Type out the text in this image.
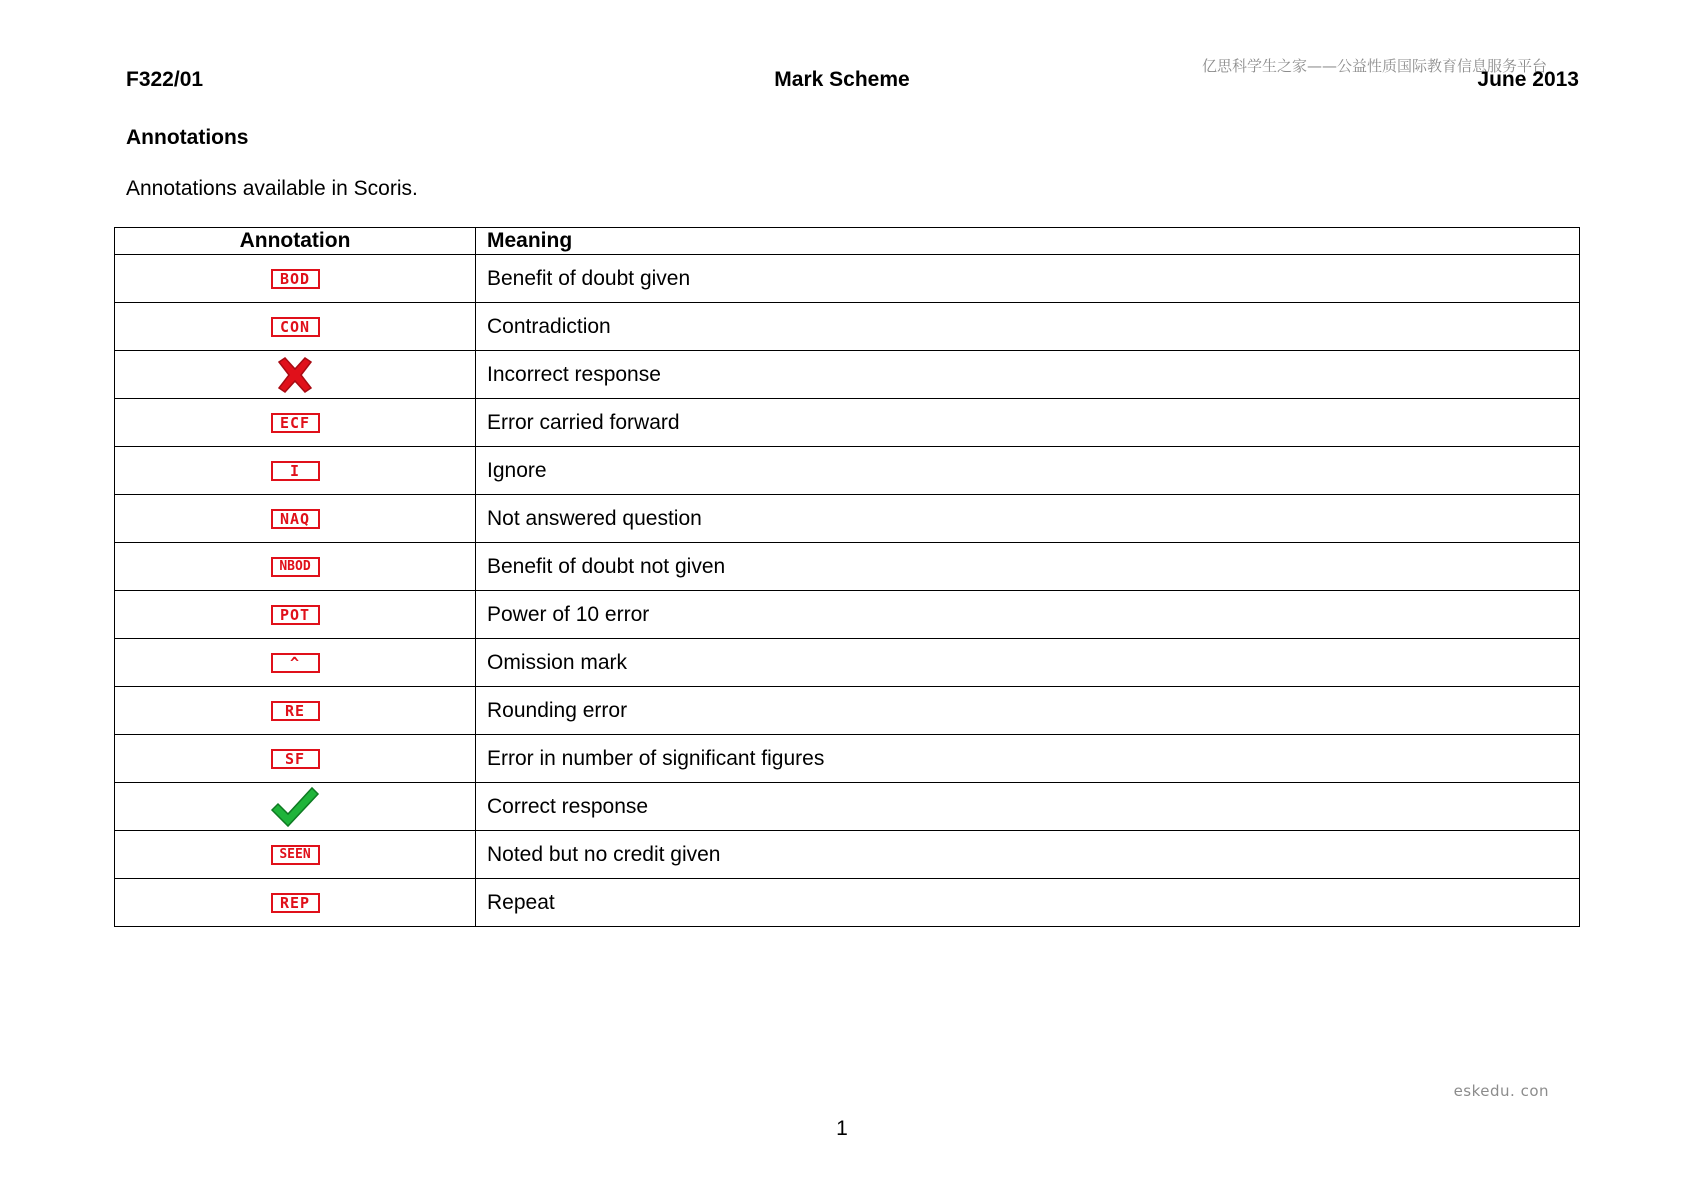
F322/01	Mark Scheme	June 2013
亿思科学生之家——公益性质国际教育信息服务平台
Annotations
Annotations available in Scoris.
Annotation	Meaning
BOD	Benefit of doubt given
CON	Contradiction

	Incorrect response
ECF	Error carried forward
I	Ignore
NAQ	Not answered question
NBOD	Benefit of doubt not given
POT	Power of 10 error
^	Omission mark
RE	Rounding error
SF	Error in number of significant figures

	Correct response
SEEN	Noted but no credit given
REP	Repeat
eskedu. con
1
